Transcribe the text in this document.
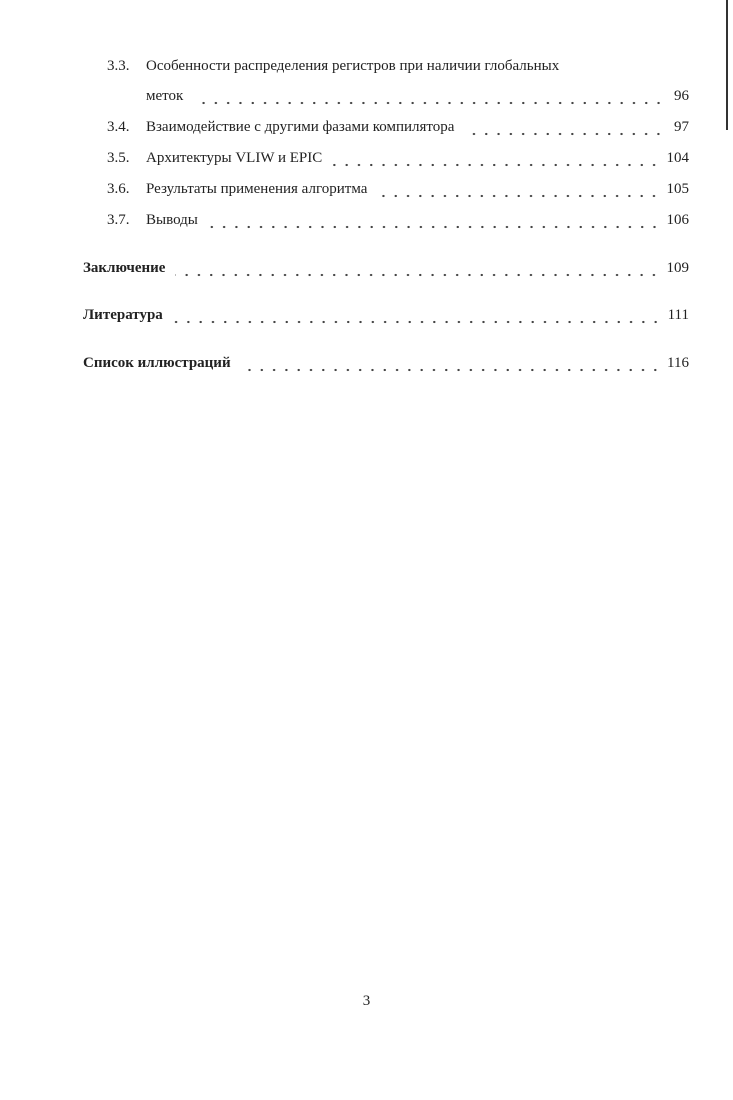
3.3.	Особенности распределения регистров при наличии глобальных
меток	96
3.4.	Взаимодействие с другими фазами компилятора	97
3.5.	Архитектуры VLIW и EPIC	104
3.6.	Результаты применения алгоритма	105
3.7.	Выводы	106
Заключение	109
Литература	111
Список иллюстраций	116
3
